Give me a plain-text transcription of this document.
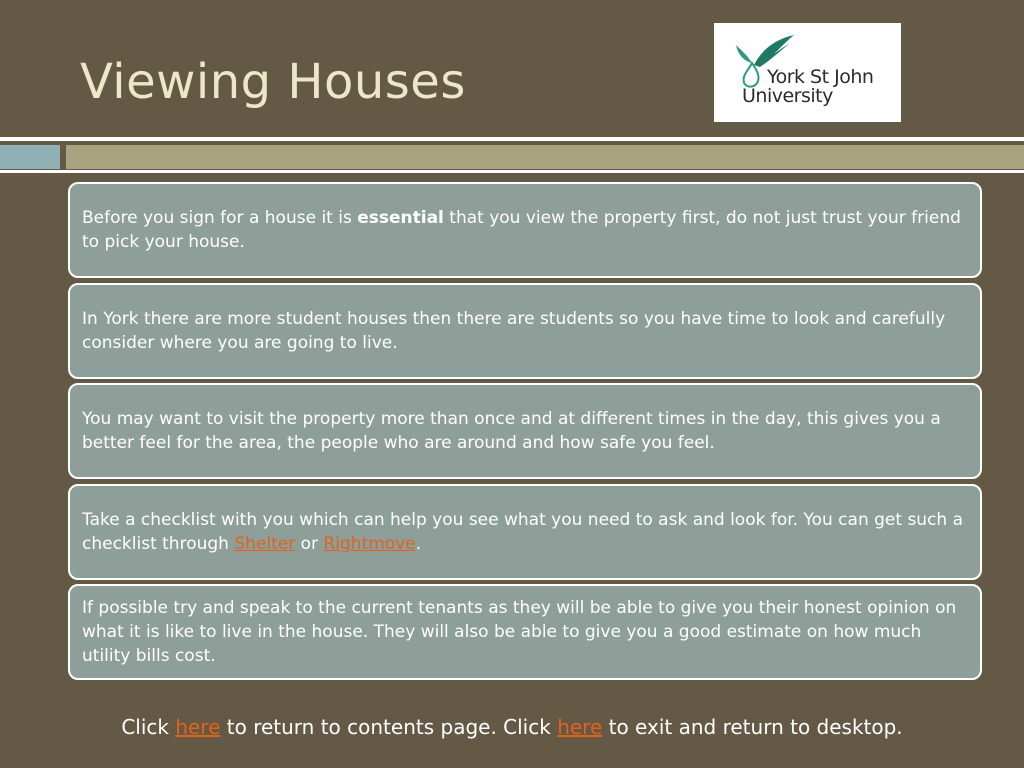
Viewing Houses	York St John
University

Before you sign for a house it is essential that you view the property first, do not just trust your friend to pick your house.

In York there are more student houses then there are students so you have time to look and carefully consider where you are going to live.

You may want to visit the property more than once and at different times in the day, this gives you a better feel for the area, the people who are around and how safe you feel.

Take a checklist with you which can help you see what you need to ask and look for. You can get such a checklist through Shelter or Rightmove.

If possible try and speak to the current tenants as they will be able to give you their honest opinion on what it is like to live in the house. They will also be able to give you a good estimate on how much utility bills cost.

Click here to return to contents page. Click here to exit and return to desktop.
